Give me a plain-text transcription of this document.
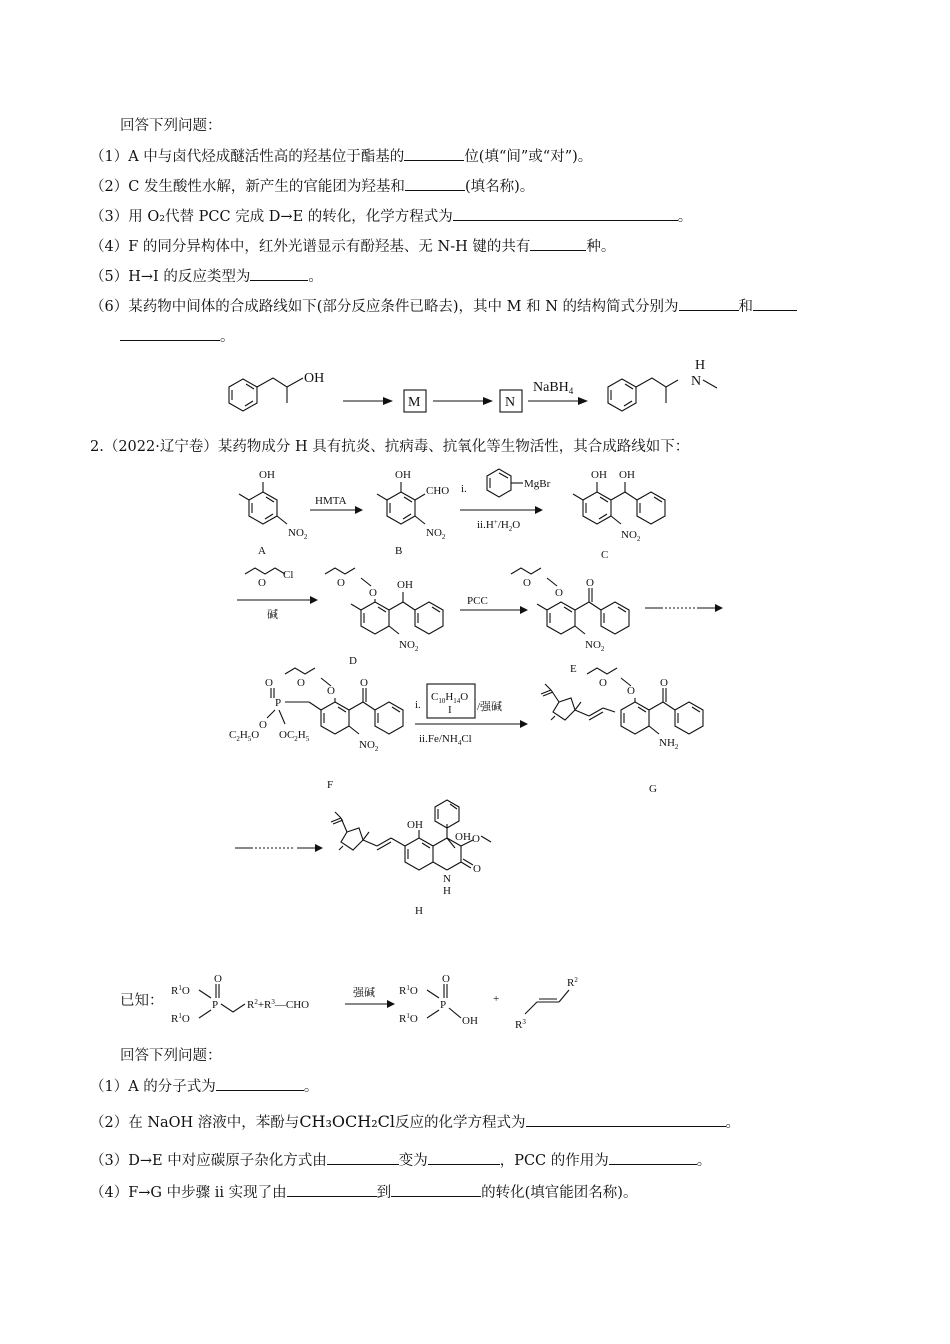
回答下列问题：
（1）A 中与卤代烃成醚活性高的羟基位于酯基的	位(填“间”或“对”)。
（2）C 发生酸性水解，新产生的官能团为羟基和	(填名称)。
（3）用 O₂代替 PCC 完成 D→E 的转化，化学方程式为	。
（4）F 的同分异构体中，红外光谱显示有酚羟基、无 N-H 键的共有	种。
（5）H→I 的反应类型为	。
（6）某药物中间体的合成路线如下(部分反应条件已略去)，其中 M 和 N 的结构简式分别为	和
。
OH
M	N
NaBH$_4$
H
N
2.（2022·辽宁卷）某药物成分 H 具有抗炎、抗病毒、抗氧化等生物活性，其合成路线如下：
OH
$NO_2$
A
HMTA
OH
CHO
$NO_2$
B
i.	MgBr
$ii.H^+/H_2O$
OH OH
$NO_2$
C
O
Cl
碱
O
O
OH
$NO_2$
D
PCC
O
O
O
$NO_2$
E
O
O
P
O
O
$C_2H_5O$ $OC_2H_5$
O
$NO_2$
F
i.
$C_{10}H_{14}O$
I /强碱
$ii.Fe/NH_4Cl$
O
O
O
$NH_2$
G
OH
N
H
O
OH O
H
已知：
$R^1O$
$R^1O$
P
O
$R^2+R^3—CHO$
强碱 $R^1O$
$R^1O$
P
O
OH
+
$R^2$
$R^3$
回答下列问题：
（1）A 的分子式为	。
（2）在 NaOH 溶液中，苯酚与CH₃OCH₂Cl反应的化学方程式为	。
（3）D→E 中对应碳原子杂化方式由	变为	，PCC 的作用为	。
（4）F→G 中步骤 ii 实现了由	到	的转化(填官能团名称)。
